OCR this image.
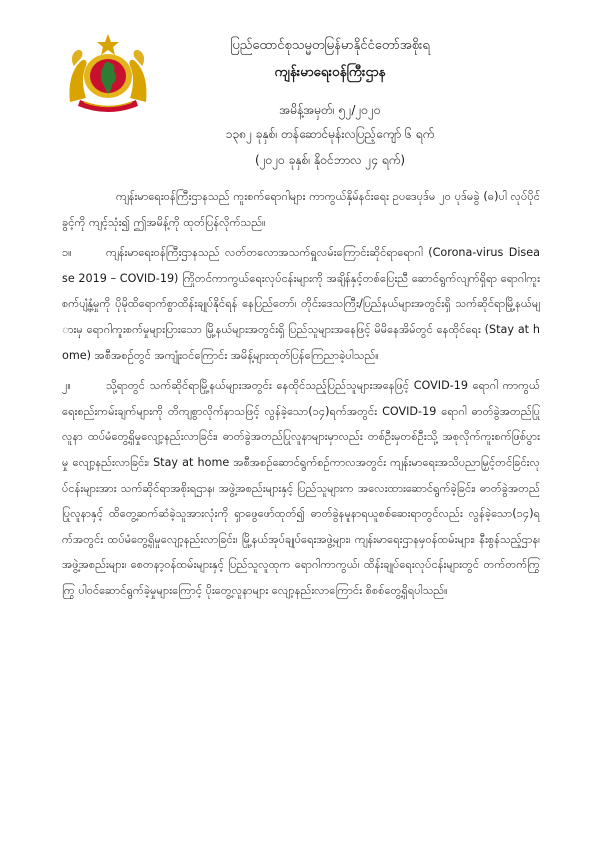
ပြည်ထောင်စုသမ္မတမြန်မာနိုင်ငံတော်အစိုးရ
ကျန်းမာရေးဝန်ကြီးဌာန
အမိန့်အမှတ်၊ ၅၂/၂၀၂၀
၁၃၈၂ ခုနှစ်၊ တန်ဆောင်မုန်းလပြည့်ကျော် ၆ ရက်
(၂၀၂၀ ခုနှစ်၊ နိုဝင်ဘာလ ၂၄ ရက်)

ကျန်းမာရေးဝန်ကြီးဌာနသည် ကူးစက်ရောဂါများ ကာကွယ်နှိမ်နင်းရေး ဥပဒေပုဒ်မ ၂၀ ပုဒ်မခွဲ (ဓ)ပါ လုပ်ပိုင်ခွင့်ကို ကျင့်သုံး၍ ဤအမိန့်ကို ထုတ်ပြန်လိုက်သည်။

၁။	ကျန်းမာရေးဝန်ကြီးဌာနသည် လတ်တလောအသက်ရှူလမ်းကြောင်းဆိုင်ရာရောဂါ (Corona-virus Disease 2019 – COVID-19) ကြိုတင်ကာကွယ်ရေးလုပ်ငန်းများကို အချိန်နှင့်တစ်ပြေးညီ ဆောင်ရွက်လျက်ရှိရာ ရောဂါကူးစက်ပျံ့နှံ့မှုကို ပိုမိုထိရောက်စွာထိန်းချုပ်နိုင်ရန် နေပြည်တော်၊ တိုင်းဒေသကြီး/ပြည်နယ်များအတွင်းရှိ သက်ဆိုင်ရာမြို့နယ်များမှ ရောဂါကူးစက်မှုများပြားသော မြို့နယ်များအတွင်းရှိ ပြည်သူများအနေဖြင့် မိမိနေအိမ်တွင် နေထိုင်ရေး (Stay at home) အစီအစဉ်တွင် အကျုံးဝင်ကြောင်း အမိန့်များထုတ်ပြန်ကြေညာခဲ့ပါသည်။

၂။	သို့ရာတွင် သက်ဆိုင်ရာမြို့နယ်များအတွင်း နေထိုင်သည့်ပြည်သူများအနေဖြင့် COVID-19 ရောဂါ ကာကွယ်ရေးစည်းကမ်းချက်များကို တိကျစွာလိုက်နာသဖြင့် လွန်ခဲ့သော(၁၄)ရက်အတွင်း COVID-19 ရောဂါ ဓာတ်ခွဲအတည်ပြုလူနာ ထပ်မံတွေ့ရှိမှုလျော့နည်းလာခြင်း၊ ဓာတ်ခွဲအတည်ပြုလူနာများမှာလည်း တစ်ဦးမှတစ်ဦးသို့ အစုလိုက်ကူးစက်ဖြစ်ပွားမှု လျော့နည်းလာခြင်း၊ Stay at home အစီအစဉ်ဆောင်ရွက်စဉ်ကာလအတွင်း ကျန်းမာရေးအသိပညာမြှင့်တင်ခြင်းလုပ်ငန်းများအား သက်ဆိုင်ရာအစိုးရဌာန၊ အဖွဲ့အစည်းများနှင့် ပြည်သူများက အလေးထားဆောင်ရွက်ခဲ့ခြင်း၊ ဓာတ်ခွဲအတည်ပြုလူနာနှင့် ထိတွေ့ဆက်ဆံခဲ့သူအားလုံးကို ရှာဖွေဖော်ထုတ်၍ ဓာတ်ခွဲနမူနာရယူစစ်ဆေးရာတွင်လည်း လွန်ခဲ့သော(၁၄)ရက်အတွင်း ထပ်မံတွေ့ရှိမှုလျော့နည်းလာခြင်း၊ မြို့နယ်အုပ်ချုပ်ရေးအဖွဲ့များ၊ ကျန်းမာရေးဌာနမှဝန်ထမ်းများ၊ နီးစွန်သည့်ဌာန၊ အဖွဲ့အစည်းများ၊ စေတနာ့ဝန်ထမ်းများနှင့် ပြည်သူလူထုက ရောဂါကာကွယ်၊ ထိန်းချုပ်ရေးလုပ်ငန်းများတွင် တက်တက်ကြွကြွ ပါဝင်ဆောင်ရွက်ခဲ့မှုများကြောင့် ပိုးတွေ့လူနာများ လျော့နည်းလာကြောင်း စိစစ်တွေ့ရှိရပါသည်။
